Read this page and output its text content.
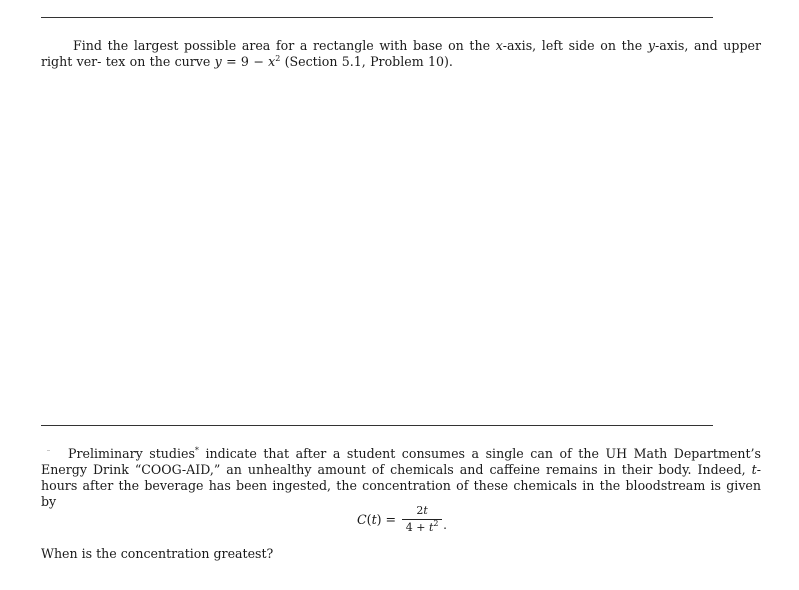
Find the largest possible area for a rectangle with base on the x-axis, left side on the y-axis, and upper right ver- tex on the curve $y = 9 - x^2$ (Section 5.1, Problem 10).
Preliminary studies* indicate that after a student consumes a single can of the UH Math Department’s Energy Drink “COOG-AID,” an unhealthy amount of chemicals and caffeine remains in their body. Indeed, t-hours after the beverage has been ingested, the concentration of these chemicals in the bloodstream is given by
C ( t ) = $\frac{2t}{4 + t^2}$ .
When is the concentration greatest?
